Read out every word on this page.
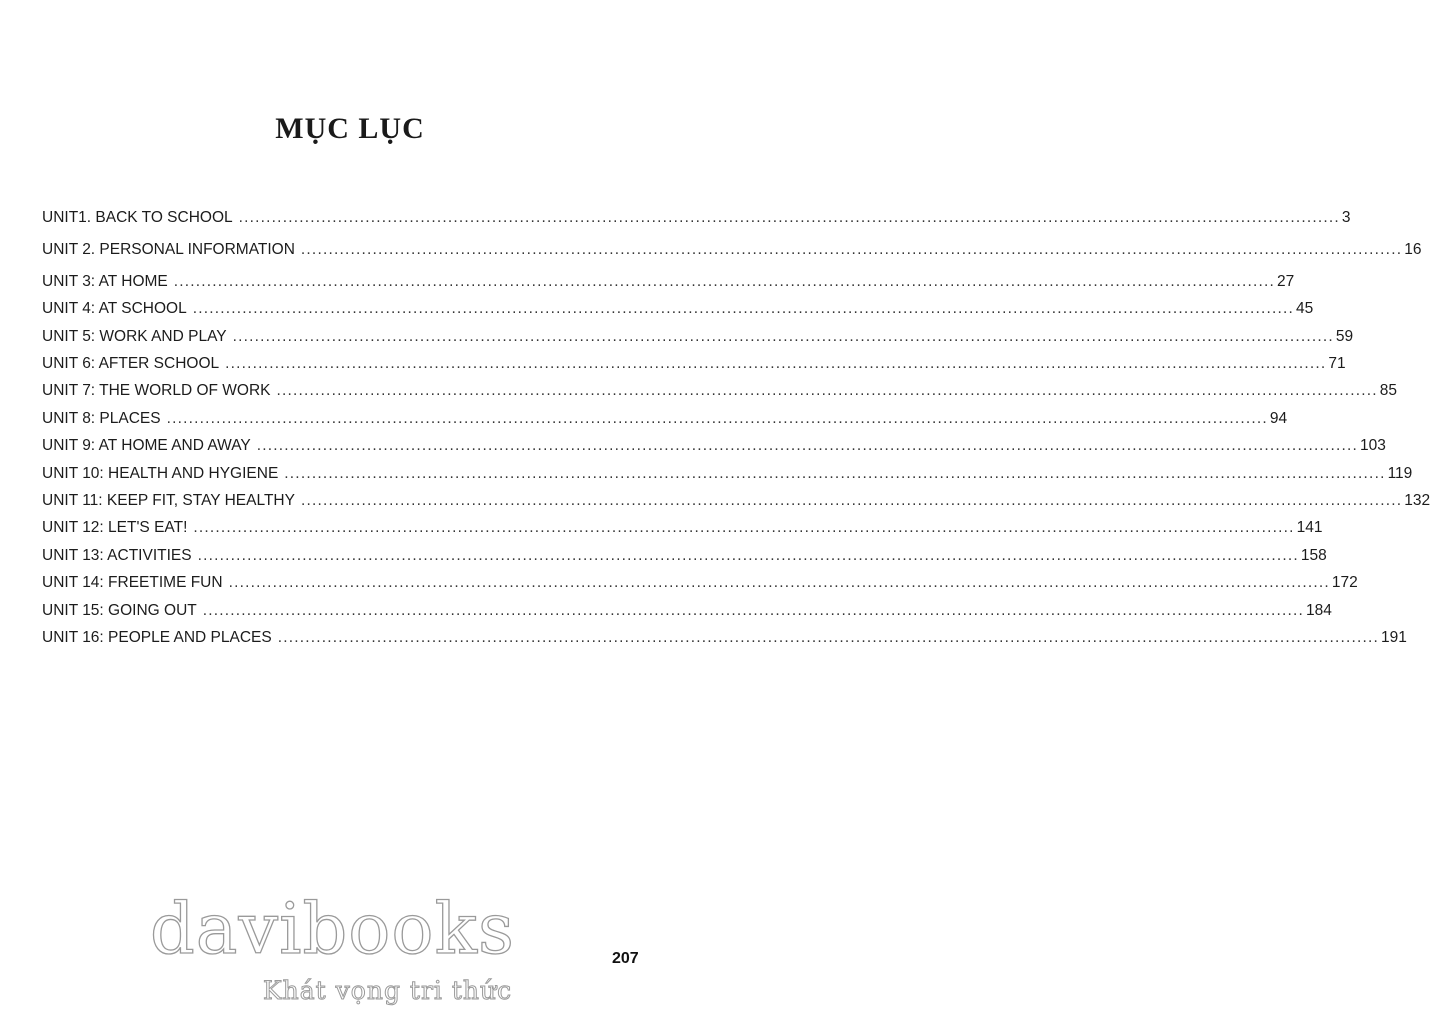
MỤC LỤC
UNIT1. BACK TO SCHOOL ........................................................................................................................................................................................................ 3
UNIT 2. PERSONAL INFORMATION ........................................................................................................................................................................................................ 16
UNIT 3: AT HOME ........................................................................................................................................................................................................ 27
UNIT 4: AT SCHOOL ........................................................................................................................................................................................................ 45
UNIT 5: WORK AND PLAY ........................................................................................................................................................................................................ 59
UNIT 6: AFTER SCHOOL ........................................................................................................................................................................................................ 71
UNIT 7: THE WORLD OF WORK ........................................................................................................................................................................................................ 85
UNIT 8: PLACES ........................................................................................................................................................................................................ 94
UNIT 9: AT HOME AND AWAY ........................................................................................................................................................................................................ 103
UNIT 10: HEALTH AND HYGIENE ........................................................................................................................................................................................................ 119
UNIT 11: KEEP FIT, STAY HEALTHY ........................................................................................................................................................................................................ 132
UNIT 12: LET'S EAT! ........................................................................................................................................................................................................ 141
UNIT 13: ACTIVITIES ........................................................................................................................................................................................................ 158
UNIT 14: FREETIME FUN ........................................................................................................................................................................................................ 172
UNIT 15: GOING OUT ........................................................................................................................................................................................................ 184
UNIT 16: PEOPLE AND PLACES ........................................................................................................................................................................................................ 191
davibooks
Khát vọng tri thức
207
